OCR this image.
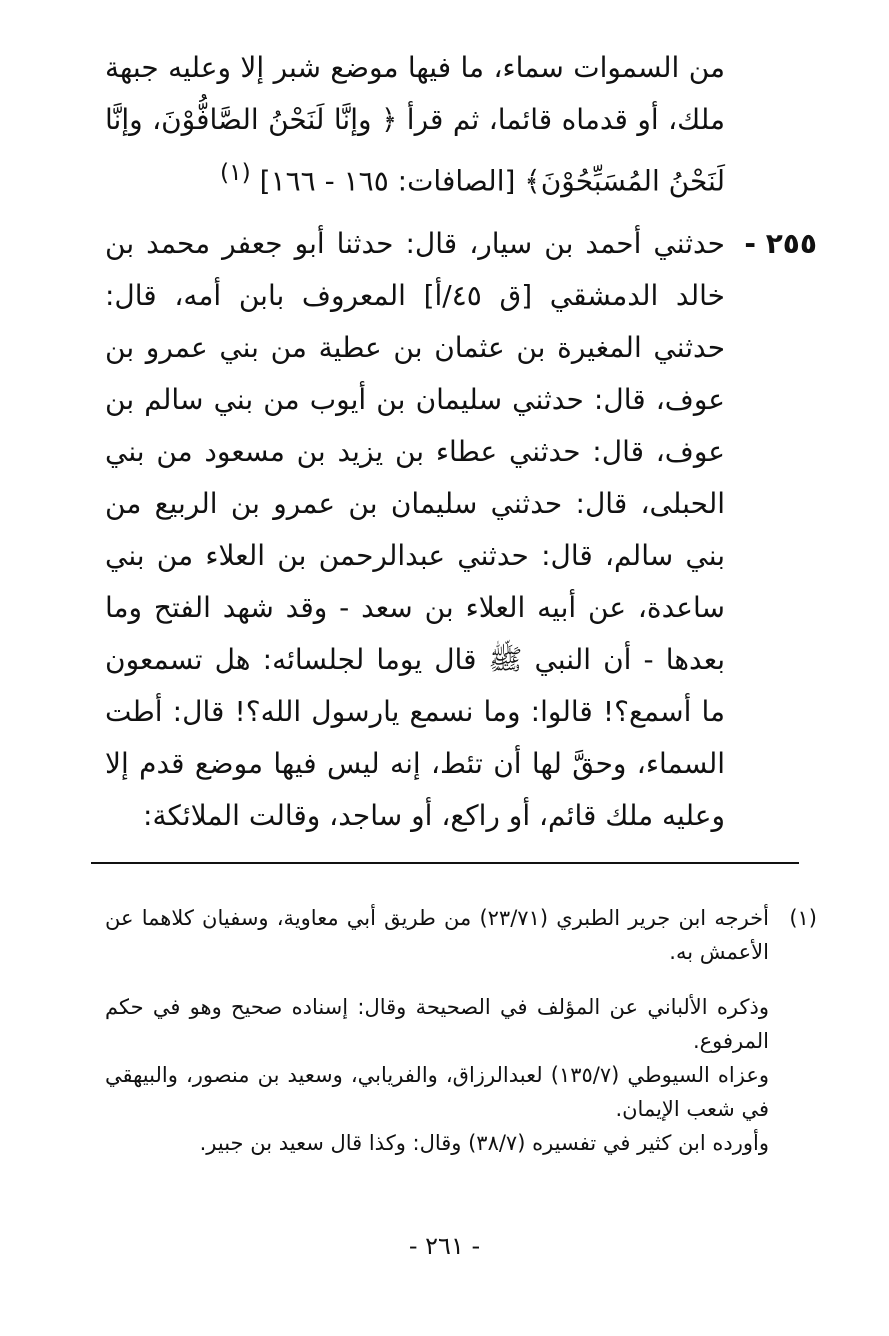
من السموات سماء، ما فيها موضع شبر إلا وعليه جبهة ملك، أو قدماه قائما، ثم قرأ ﴿ وإنَّا لَنَحْنُ الصَّافُّوْنَ، وإنَّا لَنَحْنُ المُسَبِّحُوْنَ﴾ [الصافات: ١٦٥ - ١٦٦] $^{(١)}$

٢٥٥ -

حدثني أحمد بن سيار، قال: حدثنا أبو جعفر محمد بن خالد الدمشقي [ق ٤٥/أ] المعروف بابن أمه، قال: حدثني المغيرة بن عثمان بن عطية من بني عمرو بن عوف، قال: حدثني سليمان بن أيوب من بني سالم بن عوف، قال: حدثني عطاء بن يزيد بن مسعود من بني الحبلى، قال: حدثني سليمان بن عمرو بن الربيع من بني سالم، قال: حدثني عبدالرحمن بن العلاء من بني ساعدة، عن أبيه العلاء بن سعد - وقد شهد الفتح وما بعدها - أن النبي ﷺ قال يوما لجلسائه: هل تسمعون ما أسمع؟! قالوا: وما نسمع يارسول الله؟! قال: أطت السماء، وحقَّ لها أن تئط، إنه ليس فيها موضع قدم إلا وعليه ملك قائم، أو راكع، أو ساجد، وقالت الملائكة:

(١)

أخرجه ابن جرير الطبري (٢٣/٧١) من طريق أبي معاوية، وسفيان كلاهما عن الأعمش به.

وذكره الألباني عن المؤلف في الصحيحة وقال: إسناده صحيح وهو في حكم المرفوع.

وعزاه السيوطي (١٣٥/٧) لعبدالرزاق، والفريابي، وسعيد بن منصور، والبيهقي في شعب الإيمان.

وأورده ابن كثير في تفسيره (٣٨/٧) وقال: وكذا قال سعيد بن جبير.

- ٢٦١ -
